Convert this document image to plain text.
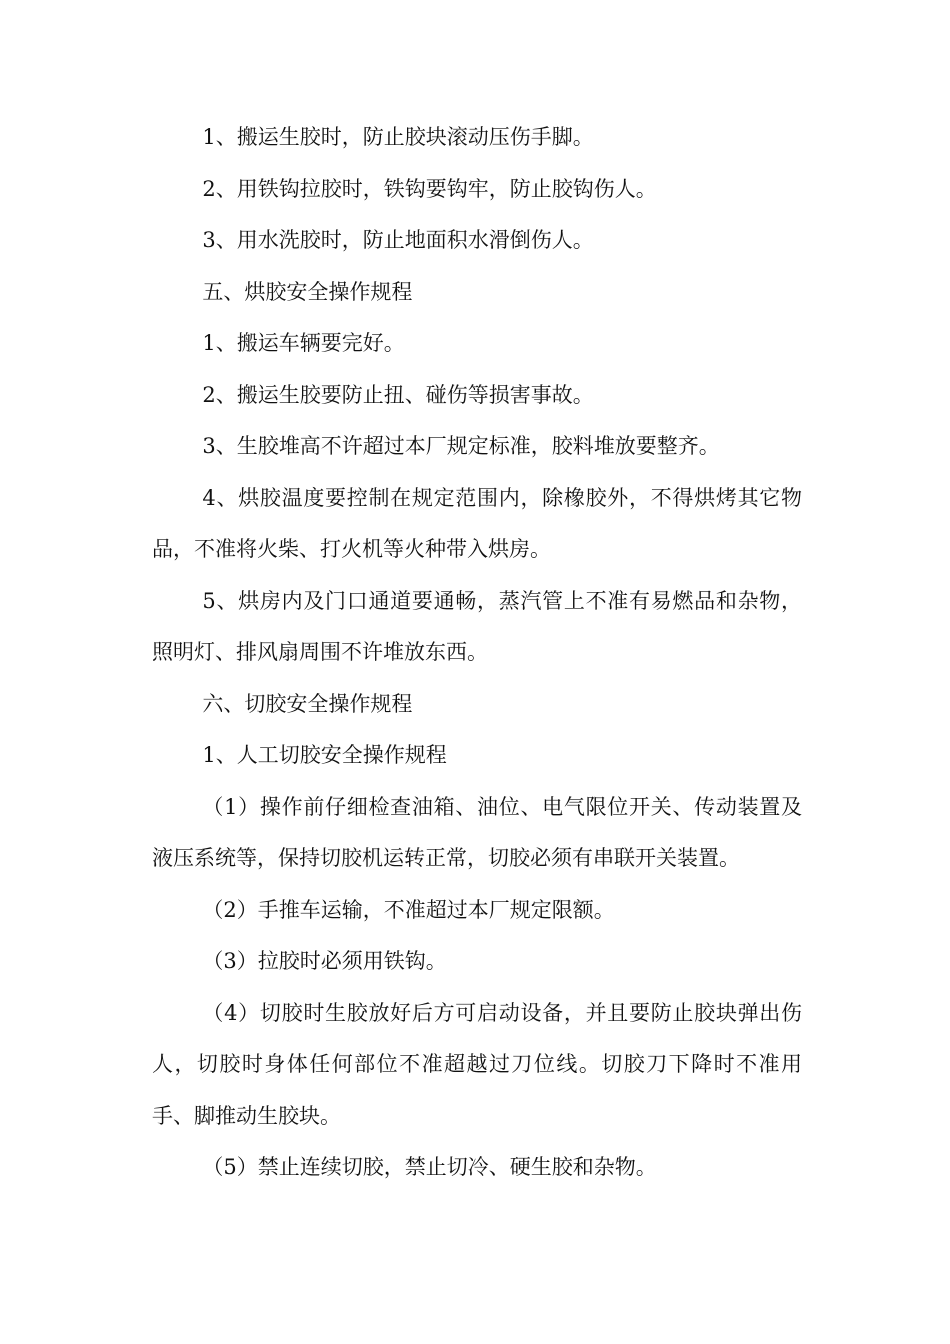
1、搬运生胶时，防止胶块滚动压伤手脚。

2、用铁钩拉胶时，铁钩要钩牢，防止胶钩伤人。

3、用水洗胶时，防止地面积水滑倒伤人。

五、烘胶安全操作规程

1、搬运车辆要完好。

2、搬运生胶要防止扭、碰伤等损害事故。

3、生胶堆高不许超过本厂规定标准，胶料堆放要整齐。

4、烘胶温度要控制在规定范围内，除橡胶外，不得烘烤其它物品，不准将火柴、打火机等火种带入烘房。

5、烘房内及门口通道要通畅，蒸汽管上不准有易燃品和杂物，照明灯、排风扇周围不许堆放东西。

六、切胶安全操作规程

1、人工切胶安全操作规程

（1）操作前仔细检查油箱、油位、电气限位开关、传动装置及液压系统等，保持切胶机运转正常，切胶必须有串联开关装置。

（2）手推车运输，不准超过本厂规定限额。

（3）拉胶时必须用铁钩。

（4）切胶时生胶放好后方可启动设备，并且要防止胶块弹出伤人，切胶时身体任何部位不准超越过刀位线。切胶刀下降时不准用手、脚推动生胶块。

（5）禁止连续切胶，禁止切冷、硬生胶和杂物。
